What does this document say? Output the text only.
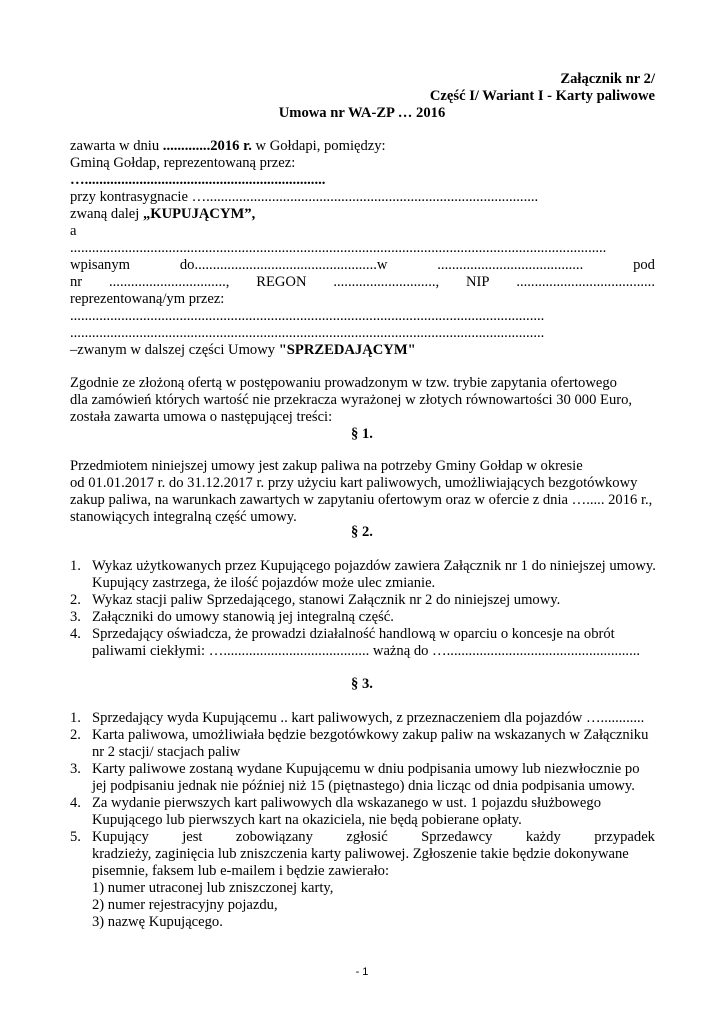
Załącznik nr 2/
Część I/ Wariant I - Karty paliwowe
Umowa nr WA-ZP … 2016
zawarta w dniu .............2016 r. w Gołdapi, pomiędzy:
Gminą Gołdap, reprezentowaną przez:
…..................................................................
przy kontrasygnacie …...........................................................................................
zwaną dalej „KUPUJĄCYM”,
a
...................................................................................................................................................
wpisanym	do..................................................w	........................................	pod
nr ................................, REGON ............................, NIP ......................................
reprezentowaną/ym przez:
..................................................................................................................................
..................................................................................................................................
–zwanym w dalszej części Umowy "SPRZEDAJĄCYM"
Zgodnie ze złożoną ofertą w postępowaniu prowadzonym w tzw. trybie zapytania ofertowego
dla zamówień których wartość nie przekracza wyrażonej w złotych równowartości 30 000 Euro,
została zawarta umowa o następującej treści:
§ 1.
Przedmiotem niniejszej umowy jest zakup paliwa na potrzeby Gminy Gołdap w okresie
od 01.01.2017 r. do 31.12.2017 r. przy użyciu kart paliwowych, umożliwiających bezgotówkowy
zakup paliwa, na warunkach zawartych w zapytaniu ofertowym oraz w ofercie z dnia …..... 2016 r.,
stanowiących integralną część umowy.
§ 2.
1. Wykaz użytkowanych przez Kupującego pojazdów zawiera Załącznik nr 1 do niniejszej umowy.
Kupujący zastrzega, że ilość pojazdów może ulec zmianie.
2. Wykaz stacji paliw Sprzedającego, stanowi Załącznik nr 2 do niniejszej umowy.
3. Załączniki do umowy stanowią jej integralną część.
4. Sprzedający oświadcza, że prowadzi działalność handlową w oparciu o koncesje na obrót
paliwami ciekłymi: …........................................ ważną do ….....................................................
§ 3.
1. Sprzedający wyda Kupującemu .. kart paliwowych, z przeznaczeniem dla pojazdów …............
2. Karta paliwowa, umożliwiała będzie bezgotówkowy zakup paliw na wskazanych w Załączniku
nr 2 stacji/ stacjach paliw
3. Karty paliwowe zostaną wydane Kupującemu w dniu podpisania umowy lub niezwłocznie po
jej podpisaniu jednak nie później niż 15 (piętnastego) dnia licząc od dnia podpisania umowy.
4. Za wydanie pierwszych kart paliwowych dla wskazanego w ust. 1 pojazdu służbowego
Kupującego lub pierwszych kart na okaziciela, nie będą pobierane opłaty.
5. Kupujący jest zobowiązany zgłosić Sprzedawcy każdy przypadek
kradzieży, zaginięcia lub zniszczenia karty paliwowej. Zgłoszenie takie będzie dokonywane
pisemnie, faksem lub e-mailem i będzie zawierało:
1) numer utraconej lub zniszczonej karty,
2) numer rejestracyjny pojazdu,
3) nazwę Kupującego.
- 1
